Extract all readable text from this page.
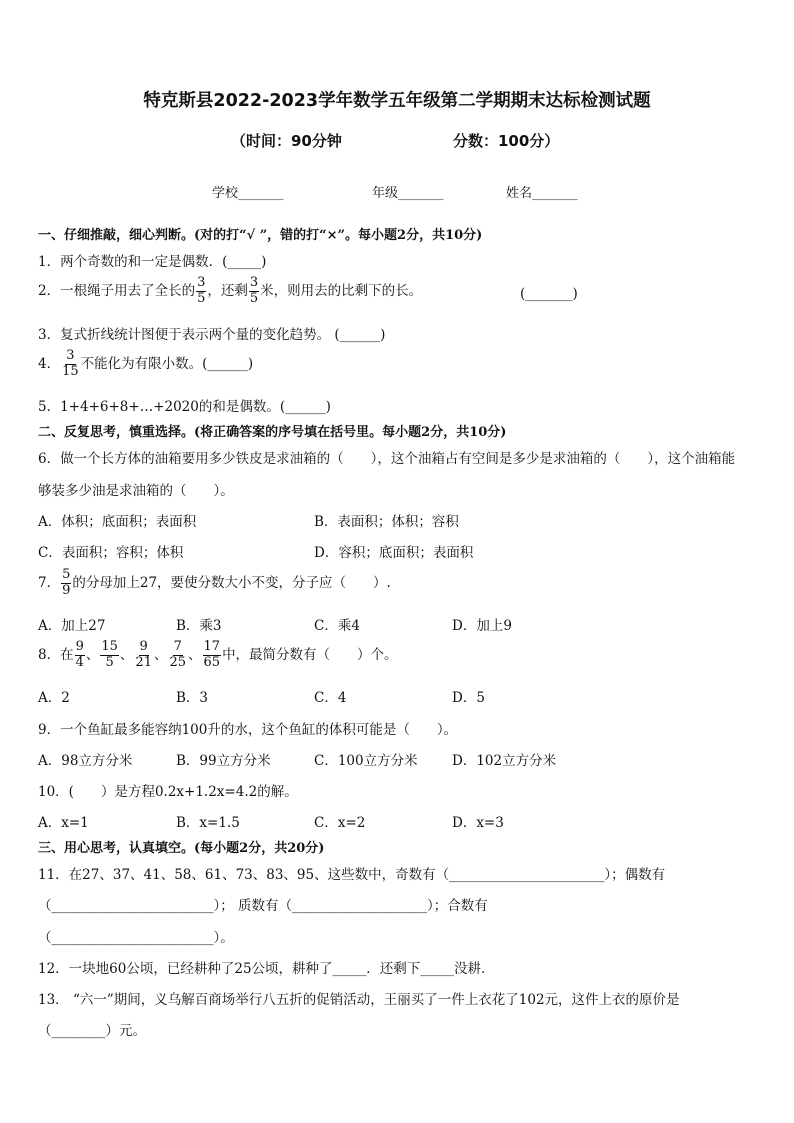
特克斯县2022-2023学年数学五年级第二学期期末达标检测试题
（时间：90分钟	分数：100分）
学校_______	年级_______	姓名_______
一、仔细推敲，细心判断。(对的打“√ ”，错的打“×”。每小题2分，共10分)
1．两个奇数的和一定是偶数．(_____)
2．一根绳子用去了全长的 $\frac{3}{5}$ ，还剩 $\frac{3}{5}$ 米，则用去的比剩下的长。	(_______)
3．复式折线统计图便于表示两个量的变化趋势。 (______)
4． $\frac{3}{15}$ 不能化为有限小数。(______)
5．1+4+6+8+…+2020的和是偶数。(______)
二、反复思考，慎重选择。(将正确答案的序号填在括号里。每小题2分，共10分)
6．做一个长方体的油箱要用多少铁皮是求油箱的（　　），这个油箱占有空间是多少是求油箱的（　　），这个油箱能
够装多少油是求油箱的（　　）。
A．体积；底面积；表面积	B．表面积；体积；容积
C．表面积；容积；体积	D．容积；底面积；表面积
7． $\frac{5}{9}$ 的分母加上27，要使分数大小不变，分子应（　　）.
A．加上27	B．乘3	C．乘4	D．加上9
8．在 $\frac{9}{4}$ 、 $\frac{15}{5}$ 、 $\frac{9}{21}$ 、 $\frac{7}{25}$ 、 $\frac{17}{65}$ 中，最简分数有（　　）个。
A．2	B．3	C．4	D．5
9．一个鱼缸最多能容纳100升的水，这个鱼缸的体积可能是（　　）。
A．98立方分米	B．99立方分米	C．100立方分米	D．102立方分米
10．(　　）是方程0.2x+1.2x=4.2的解。
A．x=1	B．x=1.5	C．x=2	D．x=3
三、用心思考，认真填空。(每小题2分，共20分)
11．在27、37、41、58、61、73、83、95、这些数中，奇数有（_______________________）；偶数有
（________________________）； 质数有（____________________）；合数有
（________________________）。
12．一块地60公顷，已经耕种了25公顷，耕种了_____．还剩下_____没耕．
13． “六一”期间，义乌解百商场举行八五折的促销活动，王丽买了一件上衣花了102元，这件上衣的原价是
（________）元。
